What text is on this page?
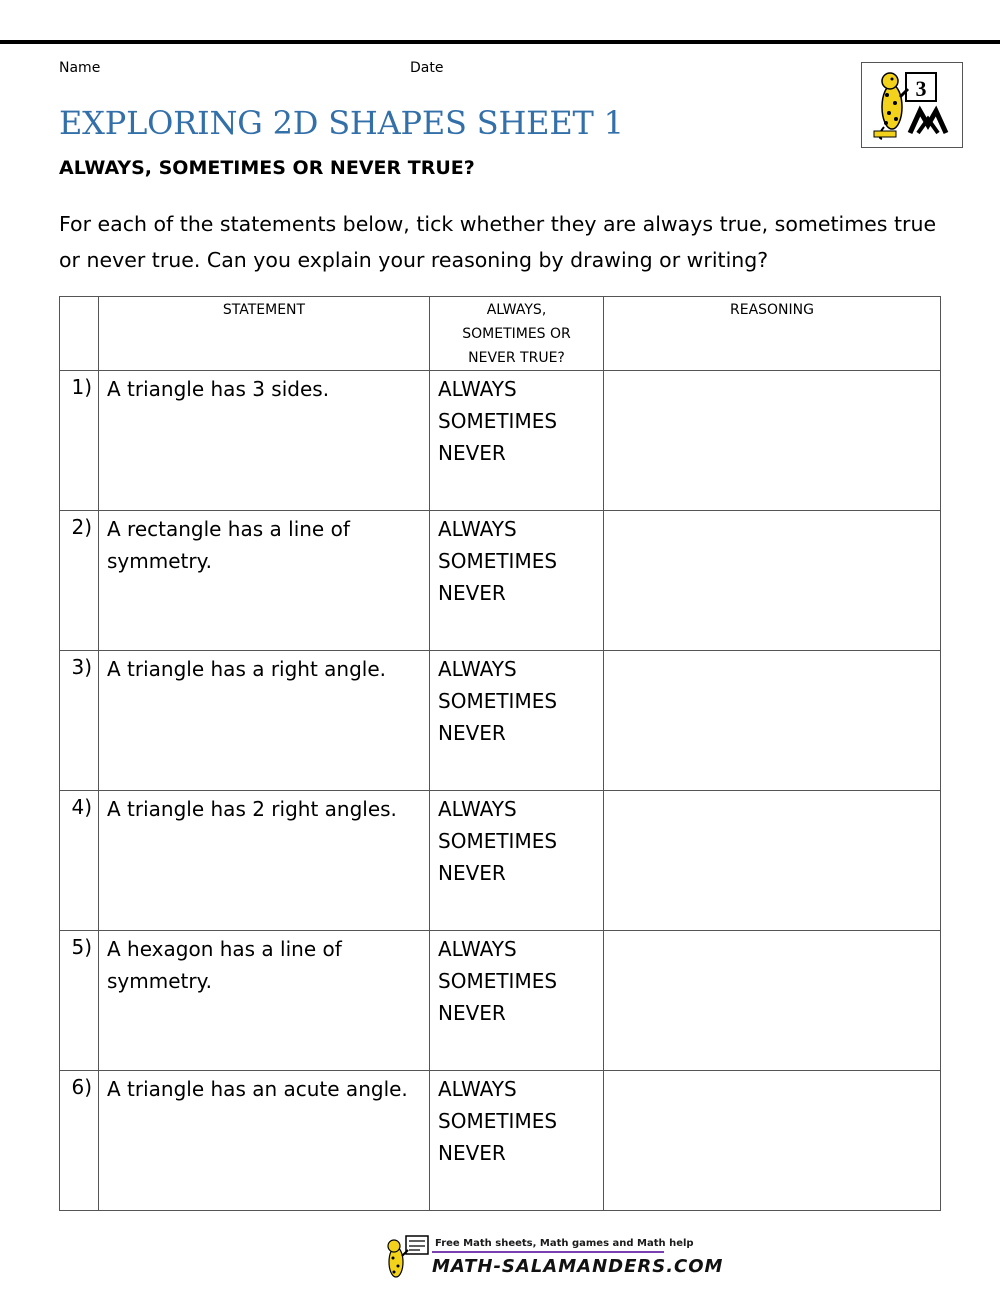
Name	Date
3
EXPLORING 2D SHAPES SHEET 1
ALWAYS, SOMETIMES OR NEVER TRUE?
For each of the statements below, tick whether they are always true, sometimes true or never true. Can you explain your reasoning by drawing or writing?
	STATEMENT	ALWAYS,
SOMETIMES OR
NEVER TRUE?	REASONING
1)	A triangle has 3 sides.	ALWAYS
SOMETIMES
NEVER	

2)	A rectangle has a line of symmetry.	ALWAYS
SOMETIMES
NEVER	

3)	A triangle has a right angle.	ALWAYS
SOMETIMES
NEVER	

4)	A triangle has 2 right angles.	ALWAYS
SOMETIMES
NEVER	

5)	A hexagon has a line of symmetry.	ALWAYS
SOMETIMES
NEVER	

6)	A triangle has an acute angle.	ALWAYS
SOMETIMES
NEVER	

Free Math sheets, Math games and Math help
MATH-SALAMANDERS.COM
